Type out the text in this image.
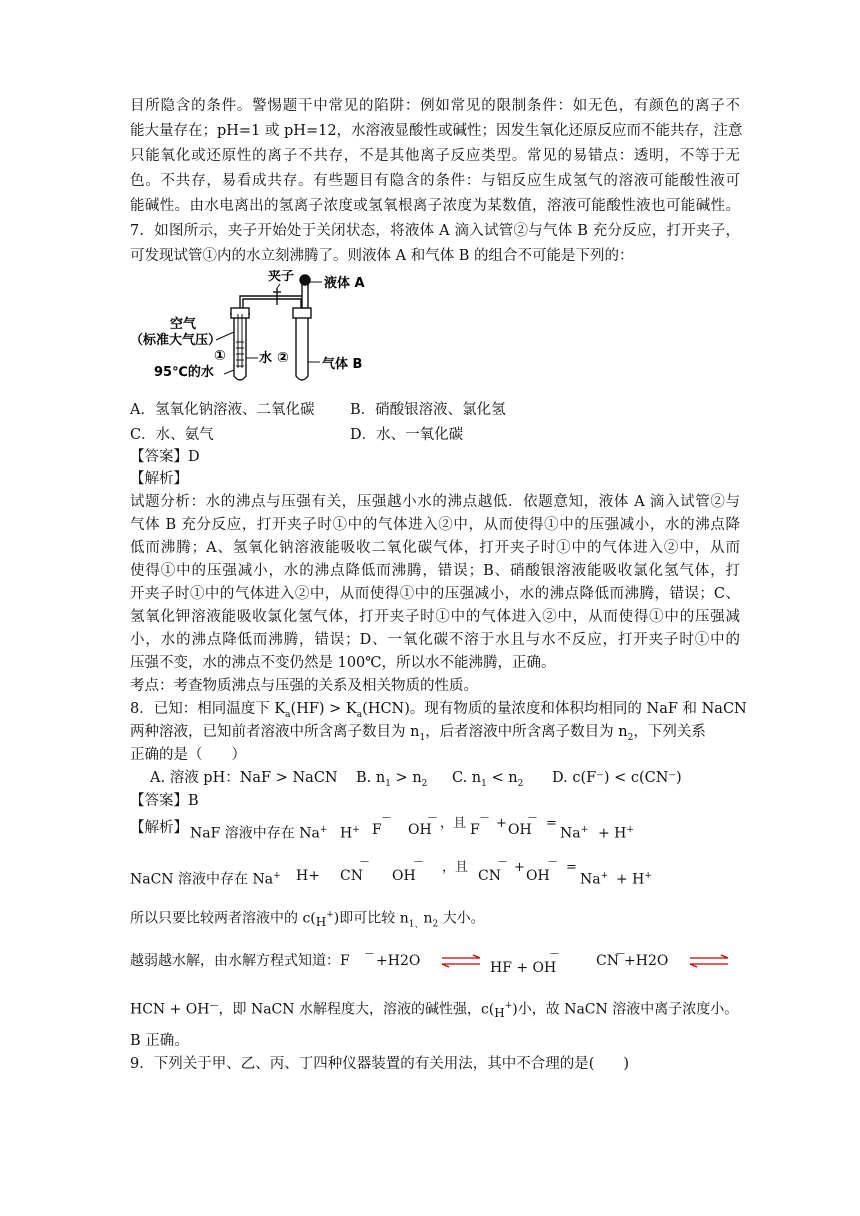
目所隐含的条件。警惕题干中常见的陷阱：例如常见的限制条件：如无色，有颜色的离子不
能大量存在；pH=1 或 pH=12，水溶液显酸性或碱性；因发生氧化还原反应而不能共存，注意
只能氧化或还原性的离子不共存，不是其他离子反应类型。常见的易错点：透明，不等于无
色。不共存，易看成共存。有些题目有隐含的条件：与铝反应生成氢气的溶液可能酸性液可
能碱性。由水电离出的氢离子浓度或氢氧根离子浓度为某数值，溶液可能酸性液也可能碱性。
7．如图所示，夹子开始处于关闭状态，将液体 A 滴入试管②与气体 B 充分反应，打开夹子，
可发现试管①内的水立刻沸腾了。则液体 A 和气体 B 的组合不可能是下列的：
夹子 液体 A
空气
（标准大气压）
①	水 ②	气体 B
95℃的水
A．氢氧化钠溶液、二氧化碳 B．硝酸银溶液、氯化氢
C．水、氨气	D．水、一氧化碳
【答案】D
【解析】
试题分析：水的沸点与压强有关，压强越小水的沸点越低．依题意知，液体 A 滴入试管②与
气体 B 充分反应，打开夹子时①中的气体进入②中，从而使得①中的压强减小，水的沸点降
低而沸腾；A、氢氧化钠溶液能吸收二氧化碳气体，打开夹子时①中的气体进入②中，从而
使得①中的压强减小，水的沸点降低而沸腾，错误；B、硝酸银溶液能吸收氯化氢气体，打
开夹子时①中的气体进入②中，从而使得①中的压强减小，水的沸点降低而沸腾，错误；C、
氢氧化钾溶液能吸收氯化氢气体，打开夹子时①中的气体进入②中，从而使得①中的压强减
小，水的沸点降低而沸腾，错误；D、一氧化碳不溶于水且与水不反应，打开夹子时①中的
压强不变，水的沸点不变仍然是 100℃，所以水不能沸腾，正确。
考点：考查物质沸点与压强的关系及相关物质的性质。
8．已知：相同温度下 $K_a(HF) > K_a(HCN)$。现有物质的量浓度和体积均相同的 NaF 和 NaCN
两种溶液，已知前者溶液中所含离子数目为 $n_1$，后者溶液中所含离子数目为 $n_2$，下列关系
正确的是（　　）
A. 溶液 pH：NaF > NaCN B. $n_1 > n_2$ C. $n_1 < n_2$ D. c(F⁻) < c(CN⁻)
【答案】B
【解析】 NaF 溶液中存在 Na+ H+ F
—
OH
— ，且 F
— + OH
— =
Na+ + H+
NaCN 溶液中存在 Na+ H+ CN
—
OH
— ，且
CN
— +
OH
— =
Na+ + H+
所以只要比较两者溶液中的 c(H+)即可比较 $n_{1、}n_2$ 大小。
越弱越水解，由水解方程式知道：F — +H2O ⇌ HF + OH
—	CN
— +H2O ⇌
HCN + OH—，即 NaCN 水解程度大，溶液的碱性强，c(H+)小，故 NaCN 溶液中离子浓度小。
B 正确。
9．下列关于甲、乙、丙、丁四种仪器装置的有关用法，其中不合理的是(　　)
